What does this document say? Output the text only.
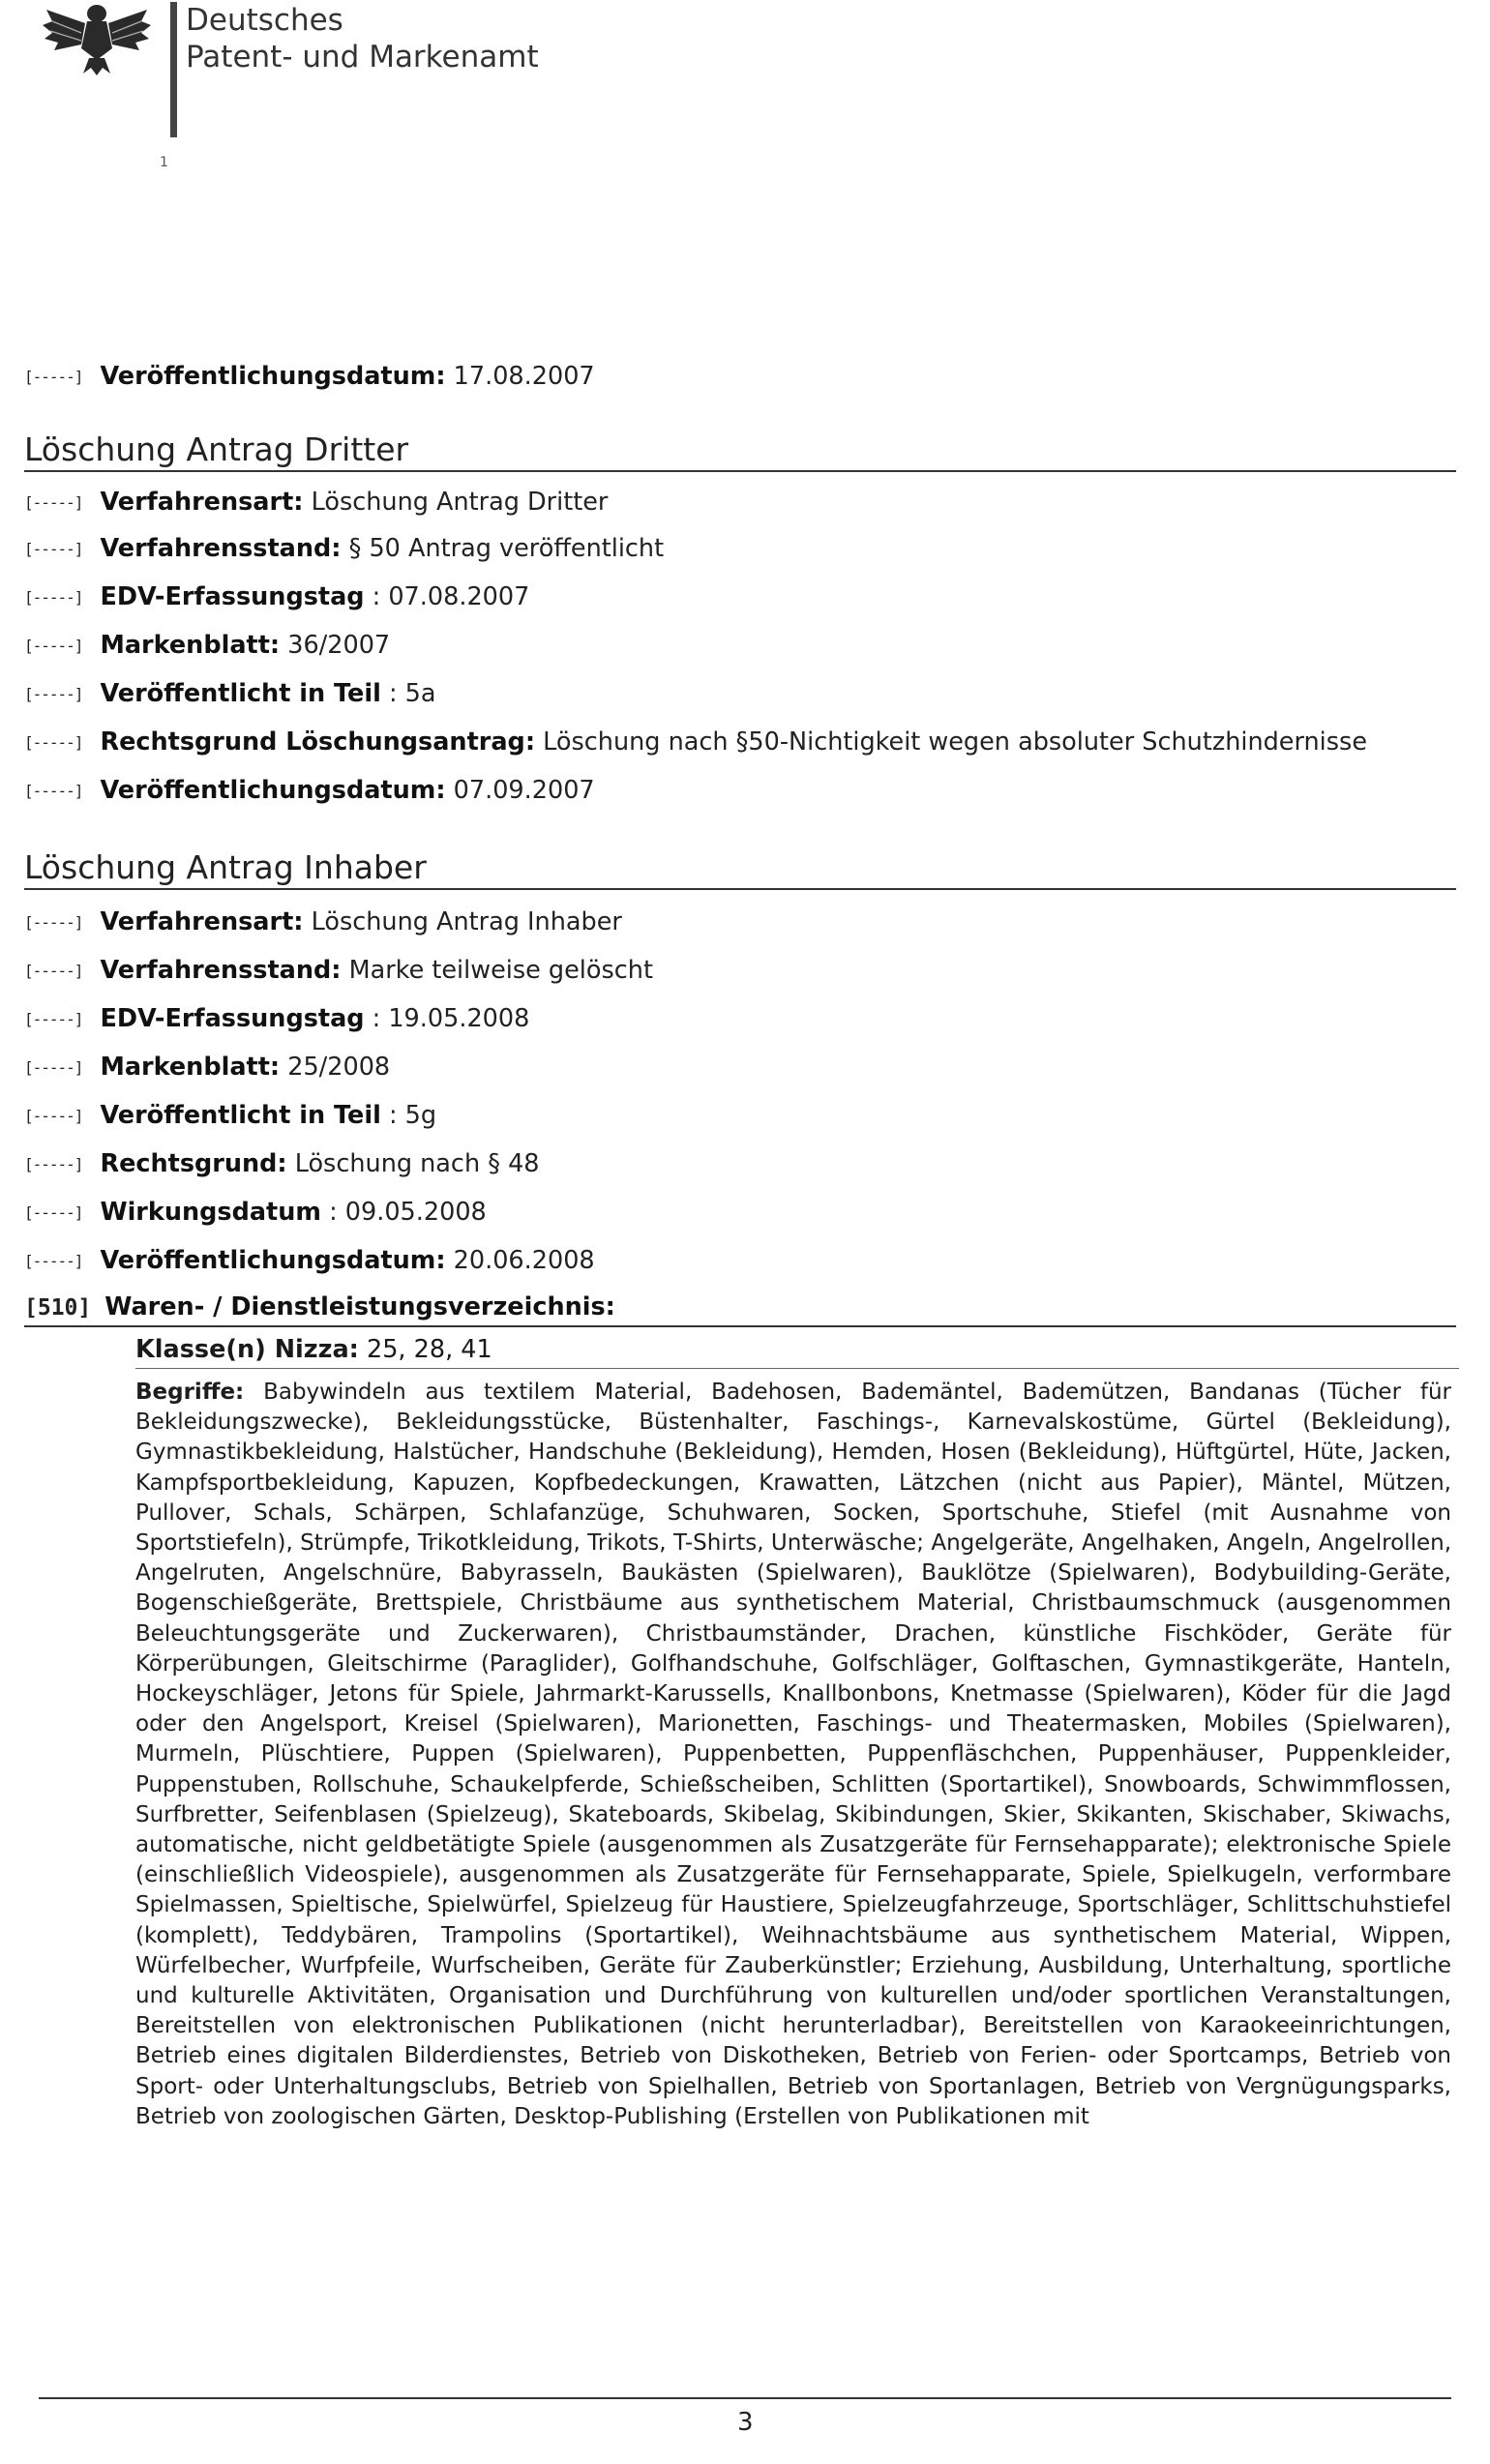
Deutsches
Patent- und Markenamt
1
[-----] Veröffentlichungsdatum: 17.08.2007
Löschung Antrag Dritter
[-----] Verfahrensart: Löschung Antrag Dritter
[-----] Verfahrensstand: § 50 Antrag veröffentlicht
[-----] EDV-Erfassungstag : 07.08.2007
[-----] Markenblatt: 36/2007
[-----] Veröffentlicht in Teil : 5a
[-----] Rechtsgrund Löschungsantrag: Löschung nach §50-Nichtigkeit wegen absoluter Schutzhindernisse
[-----] Veröffentlichungsdatum: 07.09.2007
Löschung Antrag Inhaber
[-----] Verfahrensart: Löschung Antrag Inhaber
[-----] Verfahrensstand: Marke teilweise gelöscht
[-----] EDV-Erfassungstag : 19.05.2008
[-----] Markenblatt: 25/2008
[-----] Veröffentlicht in Teil : 5g
[-----] Rechtsgrund: Löschung nach § 48
[-----] Wirkungsdatum : 09.05.2008
[-----] Veröffentlichungsdatum: 20.06.2008
[510] Waren- / Dienstleistungsverzeichnis:
Klasse(n) Nizza: 25, 28, 41
Begriffe: Babywindeln aus textilem Material, Badehosen, Bademäntel, Bademützen, Bandanas (Tücher für Bekleidungszwecke), Bekleidungsstücke, Büstenhalter, Faschings-, Karnevalskostüme, Gürtel (Bekleidung), Gymnastikbekleidung, Halstücher, Handschuhe (Bekleidung), Hemden, Hosen (Bekleidung), Hüftgürtel, Hüte, Jacken, Kampfsportbekleidung, Kapuzen, Kopfbedeckungen, Krawatten, Lätzchen (nicht aus Papier), Mäntel, Mützen, Pullover, Schals, Schärpen, Schlafanzüge, Schuhwaren, Socken, Sportschuhe, Stiefel (mit Ausnahme von Sportstiefeln), Strümpfe, Trikotkleidung, Trikots, T-Shirts, Unterwäsche; Angelgeräte, Angelhaken, Angeln, Angelrollen, Angelruten, Angelschnüre, Babyrasseln, Baukästen (Spielwaren), Bauklötze (Spielwaren), Bodybuilding-Geräte, Bogenschießgeräte, Brettspiele, Christbäume aus synthetischem Material, Christbaumschmuck (ausgenommen Beleuchtungsgeräte und Zuckerwaren), Christbaumständer, Drachen, künstliche Fischköder, Geräte für Körperübungen, Gleitschirme (Paraglider), Golfhandschuhe, Golfschläger, Golftaschen, Gymnastikgeräte, Hanteln, Hockeyschläger, Jetons für Spiele, Jahrmarkt-Karussells, Knallbonbons, Knetmasse (Spielwaren), Köder für die Jagd oder den Angelsport, Kreisel (Spielwaren), Marionetten, Faschings- und Theatermasken, Mobiles (Spielwaren), Murmeln, Plüschtiere, Puppen (Spielwaren), Puppenbetten, Puppenfläschchen, Puppenhäuser, Puppenkleider, Puppenstuben, Rollschuhe, Schaukelpferde, Schießscheiben, Schlitten (Sportartikel), Snowboards, Schwimmflossen, Surfbretter, Seifenblasen (Spielzeug), Skateboards, Skibelag, Skibindungen, Skier, Skikanten, Skischaber, Skiwachs, automatische, nicht geldbetätigte Spiele (ausgenommen als Zusatzgeräte für Fernsehapparate); elektronische Spiele (einschließlich Videospiele), ausgenommen als Zusatzgeräte für Fernsehapparate, Spiele, Spielkugeln, verformbare Spielmassen, Spieltische, Spielwürfel, Spielzeug für Haustiere, Spielzeugfahrzeuge, Sportschläger, Schlittschuhstiefel (komplett), Teddybären, Trampolins (Sportartikel), Weihnachtsbäume aus synthetischem Material, Wippen, Würfelbecher, Wurfpfeile, Wurfscheiben, Geräte für Zauberkünstler; Erziehung, Ausbildung, Unterhaltung, sportliche und kulturelle Aktivitäten, Organisation und Durchführung von kulturellen und/oder sportlichen Veranstaltungen, Bereitstellen von elektronischen Publikationen (nicht herunterladbar), Bereitstellen von Karaokeeinrichtungen, Betrieb eines digitalen Bilderdienstes, Betrieb von Diskotheken, Betrieb von Ferien- oder Sportcamps, Betrieb von Sport- oder Unterhaltungsclubs, Betrieb von Spielhallen, Betrieb von Sportanlagen, Betrieb von Vergnügungsparks, Betrieb von zoologischen Gärten, Desktop-Publishing (Erstellen von Publikationen mit
3
